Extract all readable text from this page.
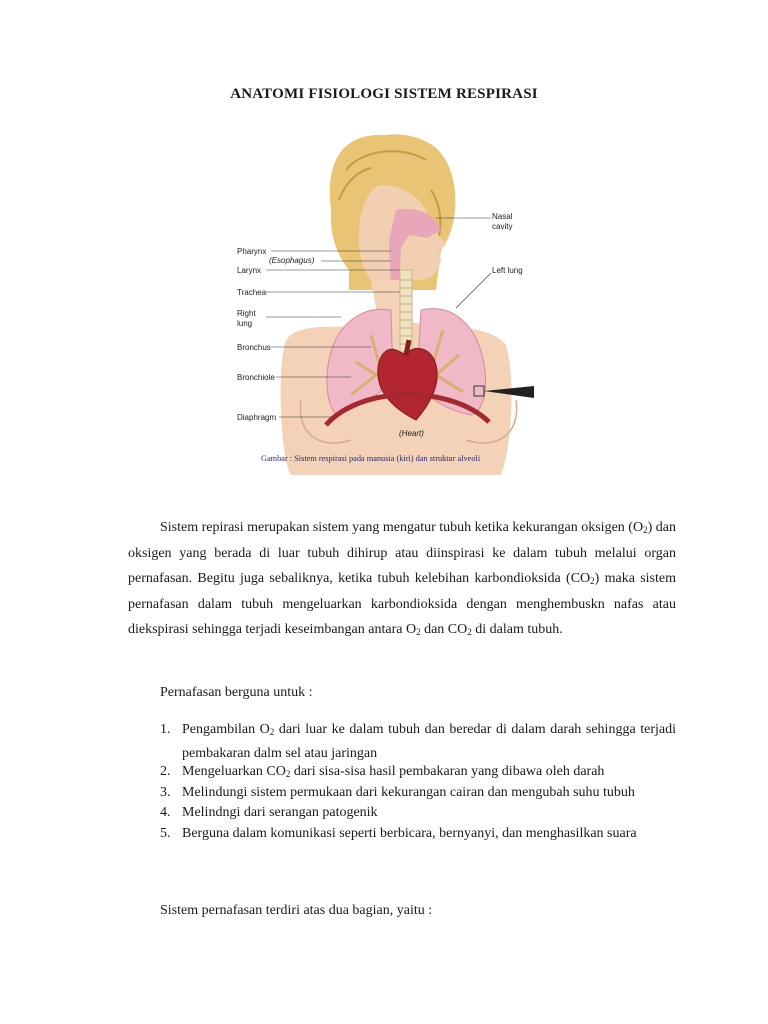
ANATOMI FISIOLOGI SISTEM RESPIRASI
Pharynx
(Esophagus)
Larynx
Trachea
Right
lung
Bronchus
Bronchiole
Diaphragm
Nasal
cavity
Left lung
(Heart)
Gambar : Sistem respirasi pada manusia (kiri) dan struktur alveoli
Sistem repirasi merupakan sistem yang mengatur tubuh ketika kekurangan oksigen $(O_2)$ dan oksigen yang berada di luar tubuh dihirup atau diinspirasi ke dalam tubuh melalui organ pernafasan. Begitu juga sebaliknya, ketika tubuh kelebihan karbondioksida $(CO_2)$ maka sistem pernafasan dalam tubuh mengeluarkan karbondioksida dengan menghembuskn nafas atau diekspirasi sehingga terjadi keseimbangan antara $O_2$ dan $CO_2$ di dalam tubuh.
Pernafasan berguna untuk :
1. Pengambilan $O_2$ dari luar ke dalam tubuh dan beredar di dalam darah sehingga terjadi pembakaran dalm sel atau jaringan
2. Mengeluarkan $CO_2$ dari sisa-sisa hasil pembakaran yang dibawa oleh darah
3. Melindungi sistem permukaan dari kekurangan cairan dan mengubah suhu tubuh
4. Melindngi dari serangan patogenik
5. Berguna dalam komunikasi seperti berbicara, bernyanyi, dan menghasilkan suara
Sistem pernafasan terdiri atas dua bagian, yaitu :
